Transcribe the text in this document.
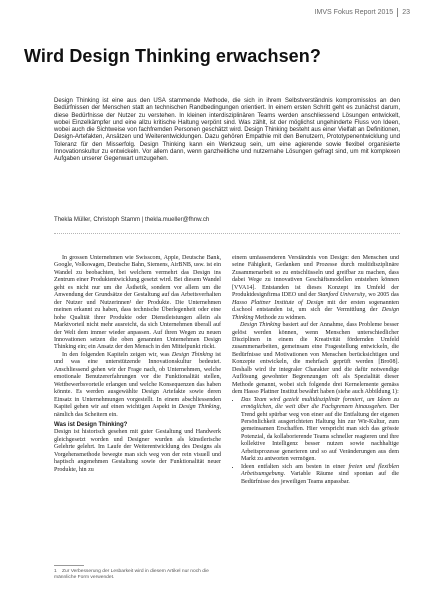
IMVS Fokus Report 2015 23
Wird Design Thinking erwachsen?

Design Thinking ist eine aus den USA stammende Methode, die sich in ihrem Selbstverständnis kompromisslos an den Bedürfnissen der Menschen statt an technischen Randbedingungen orientiert. In einem ersten Schritt geht es zunächst darum, diese Bedürfnisse der Nutzer zu verstehen. In kleinen interdisziplinären Teams werden anschliessend Lösungen entwickelt, wobei Einzelkämpfer und eine allzu kritische Haltung verpönt sind. Was zählt, ist der möglichst ungehinderte Fluss von Ideen, wobei auch die Sichtweise von fachfremden Personen geschätzt wird. Design Thinking besteht aus einer Vielfalt an Definitionen, Design-Artefakten, Ansätzen und Weiterentwicklungen. Dazu gehören Empathie mit den Benutzern, Prototypenentwicklung und Toleranz für den Misserfolg. Design Thinking kann ein Werkzeug sein, um eine agierende sowie flexibel organisierte Innovationskultur zu entwickeln. Vor allem dann, wenn ganzheitliche und nutzernahe Lösungen gefragt sind, um mit komplexen Aufgaben unserer Gegenwart umzugehen.

Thekla Müller, Christoph Stamm | thekla.mueller@fhnw.ch

In grossen Unternehmen wie Swisscom, Apple, Deutsche Bank, Google, Volkswagen, Deutsche Bahn, Siemens, AirBNB, usw. ist ein Wandel zu beobachten, bei welchem vermehrt das Design ins Zentrum einer Produktentwicklung gesetzt wird. Bei diesem Wandel geht es nicht nur um die Ästhetik, sondern vor allem um die Anwendung der Grundsätze der Gestaltung auf das Arbeitsverhalten der Nutzer und Nutzerinnen¹ der Produkte. Die Unternehmen meinen erkannt zu haben, dass technische Überlegenheit oder eine hohe Qualität ihrer Produkte oder Dienstleistungen allein als Marktvorteil nicht mehr ausreicht, da sich Unternehmen überall auf der Welt dem immer wieder anpassen. Auf ihren Wegen zu neuen Innovationen setzen die oben genannten Unternehmen Design Thinking ein; ein Ansatz der den Mensch in den Mittelpunkt rückt.

In den folgenden Kapiteln zeigen wir, was Design Thinking ist und was eine unterstützende Innovationskultur bedeutet. Anschliessend gehen wir der Frage nach, ob Unternehmen, welche emotionale Benutzererfahrungen vor die Funktionalität stellen, Wettbewerbsvorteile erlangen und welche Konsequenzen das haben könnte. Es werden ausgewählte Design Artefakte sowie deren Einsatz in Unternehmungen vorgestellt. In einem abschliessenden Kapitel gehen wir auf einen wichtigen Aspekt in Design Thinking, nämlich das Scheitern ein.

Was ist Design Thinking?

Design ist historisch gesehen mit guter Gestaltung und Handwerk gleichgesetzt worden und Designer wurden als künstlerische Gelehrte gelehrt. Im Laufe der Weiterentwicklung des Designs als Vorgehensmethode bewegte man sich weg von der rein visuell und haptisch angenehmen Gestaltung sowie der Funktionalität neuer Produkte, hin zu

1 Zur Verbesserung der Lesbarkeit wird in diesem Artikel nur noch die männliche Form verwendet.

einem umfassenderen Verständnis von Design: den Menschen und seine Fähigkeit, Gedanken und Prozesse durch multidisziplinäre Zusammenarbeit so zu entschlüsseln und greifbar zu machen, dass dabei Wege zu innovativen Geschäftsmodellen entstehen können [VVA14]. Entstanden ist dieses Konzept im Umfeld der Produktdesignfirma IDEO und der Stanford University, wo 2005 das Hasso Plattner Institute of Design mit der ersten sogenannten d.school entstanden ist, um sich der Vermittlung der Design Thinking Methode zu widmen.

Design Thinking basiert auf der Annahme, dass Probleme besser gelöst werden können, wenn Menschen unterschiedlicher Disziplinen in einem die Kreativität fördernden Umfeld zusammenarbeiten, gemeinsam eine Fragestellung entwickeln, die Bedürfnisse und Motivationen von Menschen berücksichtigen und Konzepte entwickeln, die mehrfach geprüft werden [Bro08]. Deshalb wird ihr integraler Charakter und die dafür notwendige Auflösung gewohnter Begrenzungen oft als Spezialität dieser Methode genannt, wobei sich folgende drei Kernelemente gemäss dem Hasso Plattner Institut bewährt haben (siehe auch Abbildung 1):

• Das Team wird gezielt multidisziplinär formiert, um Ideen zu ermöglichen, die weit über die Fachgrenzen hinausgehen. Der Trend geht spürbar weg von einer auf die Entfaltung der eigenen Persönlichkeit ausgerichteten Haltung hin zur Wir-Kultur, zum gemeinsamen Erschaffen. Hier verspricht man sich das grösste Potenzial, da kollaborierende Teams schneller reagieren und ihre kollektive Intelligenz besser nutzen sowie nachhaltige Arbeitsprozesse generieren und so auf Veränderungen aus dem Markt zu antworten vermögen.
• Ideen entfalten sich am besten in einer freien und flexiblen Arbeitsumgebung. Variable Räume sind spontan auf die Bedürfnisse des jeweiligen Teams anpassbar.
